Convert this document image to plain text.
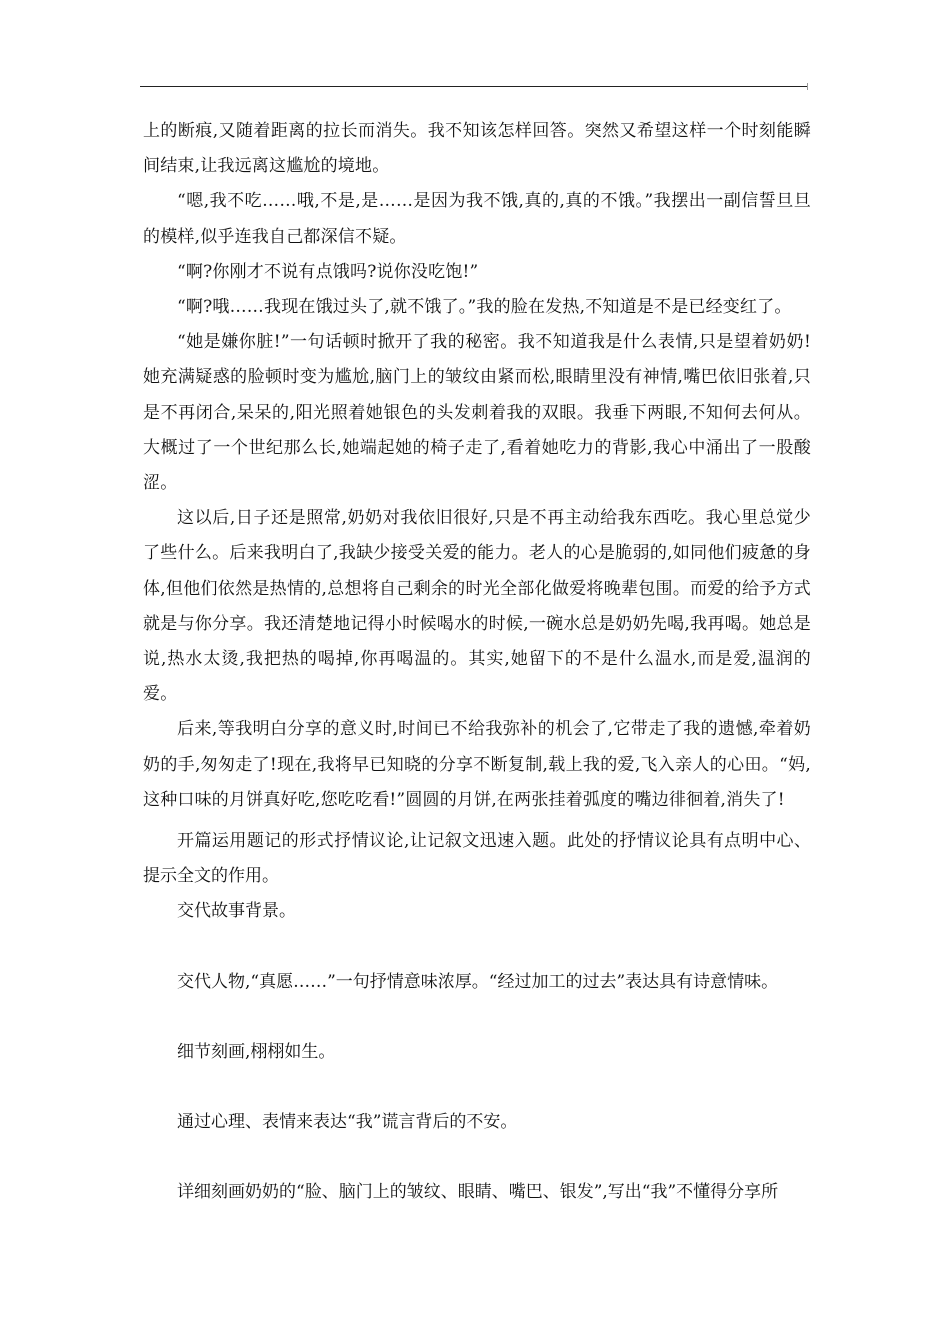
上的断痕,又随着距离的拉长而消失。我不知该怎样回答。突然又希望这样一个时刻能瞬间结束,让我远离这尴尬的境地。

“嗯,我不吃……哦,不是,是……是因为我不饿,真的,真的不饿。”我摆出一副信誓旦旦的模样,似乎连我自己都深信不疑。

“啊?你刚才不说有点饿吗?说你没吃饱!”

“啊?哦……我现在饿过头了,就不饿了。”我的脸在发热,不知道是不是已经变红了。

“她是嫌你脏!”一句话顿时掀开了我的秘密。我不知道我是什么表情,只是望着奶奶!她充满疑惑的脸顿时变为尴尬,脑门上的皱纹由紧而松,眼睛里没有神情,嘴巴依旧张着,只是不再闭合,呆呆的,阳光照着她银色的头发刺着我的双眼。我垂下两眼,不知何去何从。大概过了一个世纪那么长,她端起她的椅子走了,看着她吃力的背影,我心中涌出了一股酸涩。

这以后,日子还是照常,奶奶对我依旧很好,只是不再主动给我东西吃。我心里总觉少了些什么。后来我明白了,我缺少接受关爱的能力。老人的心是脆弱的,如同他们疲惫的身体,但他们依然是热情的,总想将自己剩余的时光全部化做爱将晚辈包围。而爱的给予方式就是与你分享。我还清楚地记得小时候喝水的时候,一碗水总是奶奶先喝,我再喝。她总是说,热水太烫,我把热的喝掉,你再喝温的。其实,她留下的不是什么温水,而是爱,温润的爱。

后来,等我明白分享的意义时,时间已不给我弥补的机会了,它带走了我的遗憾,牵着奶奶的手,匆匆走了!现在,我将早已知晓的分享不断复制,载上我的爱,飞入亲人的心田。“妈,这种口味的月饼真好吃,您吃吃看!”圆圆的月饼,在两张挂着弧度的嘴边徘徊着,消失了!

开篇运用题记的形式抒情议论,让记叙文迅速入题。此处的抒情议论具有点明中心、提示全文的作用。

交代故事背景。

交代人物,“真愿……”一句抒情意味浓厚。“经过加工的过去”表达具有诗意情味。

细节刻画,栩栩如生。

通过心理、表情来表达“我”谎言背后的不安。

详细刻画奶奶的“脸、脑门上的皱纹、眼睛、嘴巴、银发”,写出“我”不懂得分享所
